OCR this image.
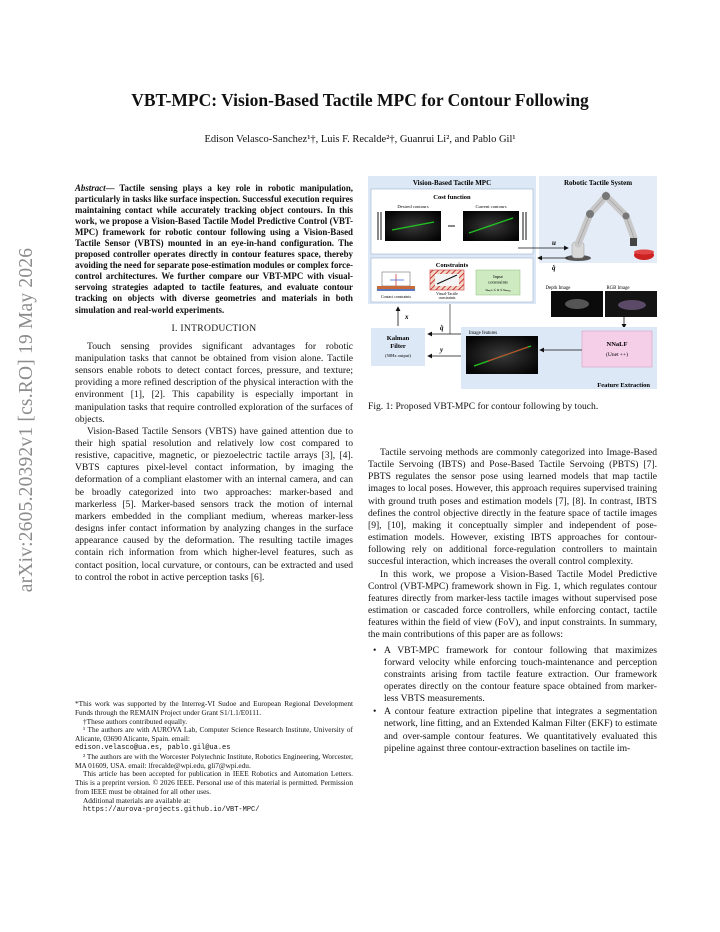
arXiv:2605.20392v1 [cs.RO] 19 May 2026
VBT-MPC: Vision-Based Tactile MPC for Contour Following
Edison Velasco-Sanchez¹†, Luis F. Recalde²†, Guanrui Li², and Pablo Gil¹
Abstract— Tactile sensing plays a key role in robotic manipulation, particularly in tasks like surface inspection. Successful execution requires maintaining contact while accurately tracking object contours. In this work, we propose a Vision-Based Tactile Model Predictive Control (VBT-MPC) framework for robotic contour following using a Vision-Based Tactile Sensor (VBTS) mounted in an eye-in-hand configuration. The proposed controller operates directly in contour features space, thereby avoiding the need for separate pose-estimation modules or complex force-control architectures. We further compare our VBT-MPC with visual-servoing strategies adapted to tactile features, and evaluate contour tracking on objects with diverse geometries and materials in both simulation and real-world experiments.
I. INTRODUCTION

Touch sensing provides significant advantages for robotic manipulation tasks that cannot be obtained from vision alone. Tactile sensors enable robots to detect contact forces, pressure, and texture; providing a more refined description of the physical interaction with the environment [1], [2]. This capability is especially important in manipulation tasks that require controlled exploration of the surfaces of objects.

Vision-Based Tactile Sensors (VBTS) have gained attention due to their high spatial resolution and relatively low cost compared to resistive, capacitive, magnetic, or piezoelectric tactile arrays [3], [4]. VBTS captures pixel-level contact information, by imaging the deformation of a compliant elastomer with an internal camera, and can be broadly categorized into two approaches: marker-based and markerless [5]. Marker-based sensors track the motion of internal markers embedded in the compliant medium, whereas marker-less designs infer contact information by analyzing changes in the surface appearance caused by the deformation. The resulting tactile images contain rich information from which higher-level features, such as contact position, local curvature, or contours, can be extracted and used to control the robot in active perception tasks [6].

*This work was supported by the Interreg-VI Sudoe and European Regional Development Funds through the REMAIN Project under Grant S1/1.1/E0111.
†These authors contributed equally.
¹ The authors are with AUROVA Lab, Computer Science Research Institute, University of Alicante, 03690 Alicante, Spain. email:
edison.velasco@ua.es, pablo.gil@ua.es
² The authors are with the Worcester Polytechnic Institute, Robotics Engineering, Worcester, MA 01609, USA. email: lfrecalde@wpi.edu, gli7@wpi.edu.
This article has been accepted for publication in IEEE Robotics and Automation Letters. This is a preprint version. © 2026 IEEE. Personal use of this material is permitted. Permission from IEEE must be obtained for all other uses.
Additional materials are available at:
https://aurova-projects.github.io/VBT-MPC/
Vision-Based Tactile MPC
Cost function
Desired contours	Current contours
Constraints
Contact constraints
Visual-Tactile
constraints
Input
constraints
uₘᵢₙ ≤ u ≤ uₘₐₓ
Robotic Tactile System
u
q̇
Depth Image	RGB Image
Feature Extraction
Image features
NNaLF
(Unet ++)
Kalman
Filter
(50Hz output)
x
q̇
y
Fig. 1: Proposed VBT-MPC for contour following by touch.

Tactile servoing methods are commonly categorized into Image-Based Tactile Servoing (IBTS) and Pose-Based Tactile Servoing (PBTS) [7]. PBTS regulates the sensor pose using learned models that map tactile images to local poses. However, this approach requires supervised training with ground truth poses and estimation models [7], [8]. In contrast, IBTS defines the control objective directly in the feature space of tactile images [9], [10], making it conceptually simpler and independent of pose-estimation models. However, existing IBTS approaches for contour-following rely on additional force-regulation controllers to maintain succesful interaction, which increases the overall control complexity.

In this work, we propose a Vision-Based Tactile Model Predictive Control (VBT-MPC) framework shown in Fig. 1, which regulates contour features directly from marker-less tactile images without supervised pose estimation or cascaded force controllers, while enforcing contact, tactile features within the field of view (FoV), and input constraints. In summary, the main contributions of this paper are as follows:

• A VBT-MPC framework for contour following that maximizes forward velocity while enforcing touch-maintenance and perception constraints arising from tactile feature extraction. Our framework operates directly on the contour feature space obtained from marker-less VBTS measurements.
• A contour feature extraction pipeline that integrates a segmentation network, line fitting, and an Extended Kalman Filter (EKF) to estimate and over-sample contour features. We quantitatively evaluated this pipeline against three contour-extraction baselines on tactile im-
